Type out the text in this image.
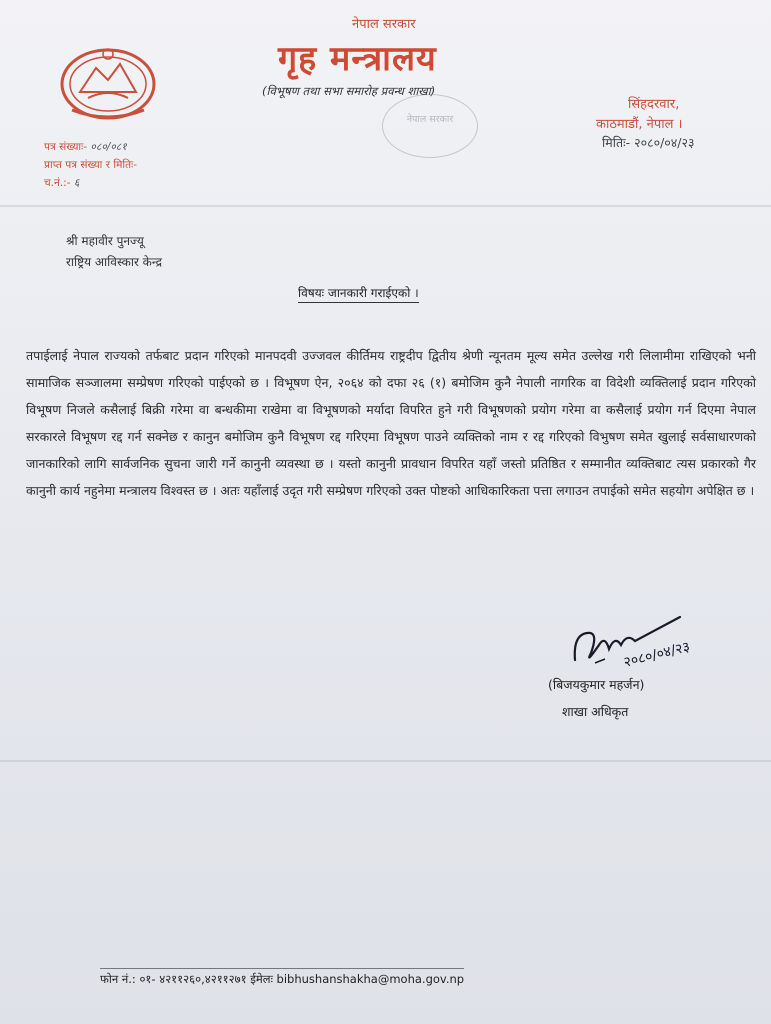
नेपाल सरकार
गृह मन्त्रालय
(विभूषण तथा सभा समारोह प्रवन्ध शाखा)
नेपाल सरकार
सिंहदरवार,
काठमाडौं, नेपाल ।
मितिः- २०८०/०४/२३
पत्र संख्याः- ०८०/०८१
प्राप्त पत्र संख्या र मितिः-
च.नं.:- ६
श्री महावीर पुनज्यू
राष्ट्रिय आविस्कार केन्द्र
विषयः जानकारी गराईएको ।
तपाईलाई नेपाल राज्यको तर्फबाट प्रदान गरिएको मानपदवी उज्जवल कीर्तिमय राष्ट्रदीप द्वितीय श्रेणी न्यूनतम मूल्य समेत उल्लेख गरी लिलामीमा राखिएको भनी सामाजिक सञ्जालमा सम्प्रेषण गरिएको पाईएको छ । विभूषण ऐन, २०६४ को दफा २६ (१) बमोजिम कुनै नेपाली नागरिक वा विदेशी व्यक्तिलाई प्रदान गरिएको विभूषण निजले कसैलाई बिक्री गरेमा वा बन्धकीमा राखेमा वा विभूषणको मर्यादा विपरित हुने गरी विभूषणको प्रयोग गरेमा वा कसैलाई प्रयोग गर्न दिएमा नेपाल सरकारले विभूषण रद्द गर्न सक्नेछ र कानुन बमोजिम कुनै विभूषण रद्द गरिएमा विभूषण पाउने व्यक्तिको नाम र रद्द गरिएको विभुषण समेत खुलाई सर्वसाधारणको जानकारिको लागि सार्वजनिक सुचना जारी गर्ने कानुनी व्यवस्था छ । यस्तो कानुनी प्रावधान विपरित यहाँ जस्तो प्रतिष्ठित र सम्मानीत व्यक्तिबाट त्यस प्रकारको गैर कानुनी कार्य नहुनेमा मन्त्रालय विश्वस्त छ । अतः यहाँलाई उदृत गरी सम्प्रेषण गरिएको उक्त पोष्टको आधिकारिकता पत्ता लगाउन तपाईको समेत सहयोग अपेक्षित छ ।
२०८०/०४/२३
(बिजयकुमार महर्जन)
शाखा अधिकृत
फोन नं.: ०१- ४२११२६०,४२११२७१ ईमेलः bibhushanshakha@moha.gov.np
